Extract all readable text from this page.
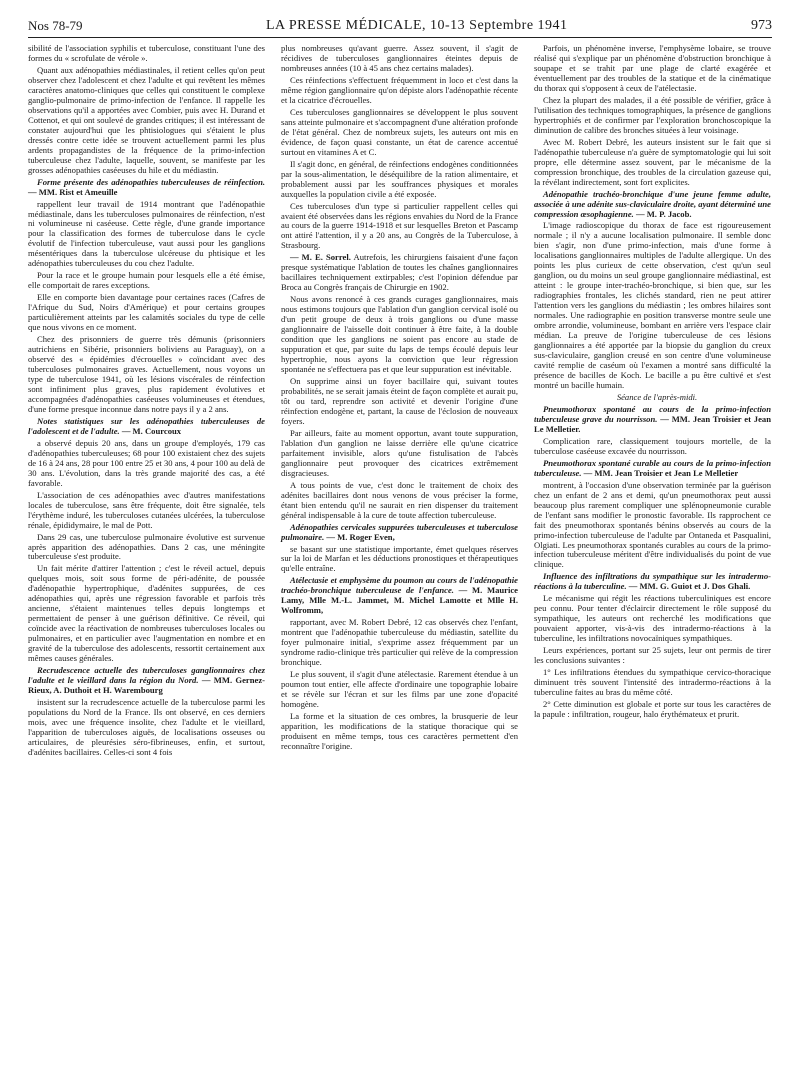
Nos 78-79	LA PRESSE MÉDICALE, 10-13 Septembre 1941	973

sibilité de l'association syphilis et tuberculose, constituant l'une des formes du « scrofulate de vérole ».

Quant aux adénopathies médiastinales, il retient celles qu'on peut observer chez l'adolescent et chez l'adulte et qui revêtent les mêmes caractères anatomo-cliniques que celles qui constituent le complexe ganglio-pulmonaire de primo-infection de l'enfance. Il rappelle les observations qu'il a apportées avec Combier, puis avec H. Durand et Cottenot, et qui ont soulevé de grandes critiques; il est intéressant de constater aujourd'hui que les phtisiologues qui s'étaient le plus dressés contre cette idée se trouvent actuellement parmi les plus ardents propagandistes de la fréquence de la primo-infection tuberculeuse chez l'adulte, laquelle, souvent, se manifeste par les grosses adénopathies caséeuses du hile et du médiastin.

Forme présente des adénopathies tuberculeuses de réinfection. — MM. Rist et Ameuille

rappellent leur travail de 1914 montrant que l'adénopathie médiastinale, dans les tuberculoses pulmonaires de réinfection, n'est ni volumineuse ni caséeuse. Cette règle, d'une grande importance pour la classification des formes de tuberculose dans le cycle évolutif de l'infection tuberculeuse, vaut aussi pour les ganglions mésentériques dans la tuberculose ulcéreuse du phtisique et les adénopathies tuberculeuses du cou chez l'adulte.

Pour la race et le groupe humain pour lesquels elle a été émise, elle comportait de rares exceptions.

Elle en comporte bien davantage pour certaines races (Cafres de l'Afrique du Sud, Noirs d'Amérique) et pour certains groupes particulièrement atteints par les calamités sociales du type de celle que nous vivons en ce moment.

Chez des prisonniers de guerre très démunis (prisonniers autrichiens en Sibérie, prisonniers boliviens au Paraguay), on a observé des « épidémies d'écrouelles » coïncidant avec des tuberculoses pulmonaires graves. Actuellement, nous voyons un type de tuberculose 1941, où les lésions viscérales de réinfection sont infiniment plus graves, plus rapidement évolutives et accompagnées d'adénopathies caséeuses volumineuses et étendues, d'une forme presque inconnue dans notre pays il y a 2 ans.

Notes statistiques sur les adénopathies tuberculeuses de l'adolescent et de l'adulte. — M. Courcoux

a observé depuis 20 ans, dans un groupe d'employés, 179 cas d'adénopathies tuberculeuses; 68 pour 100 existaient chez des sujets de 16 à 24 ans, 28 pour 100 entre 25 et 30 ans, 4 pour 100 au delà de 30 ans. L'évolution, dans la très grande majorité des cas, a été favorable.

L'association de ces adénopathies avec d'autres manifestations locales de tuberculose, sans être fréquente, doit être signalée, tels l'érythème induré, les tuberculoses cutanées ulcérées, la tuberculose rénale, épididymaire, le mal de Pott.

Dans 29 cas, une tuberculose pulmonaire évolutive est survenue après apparition des adénopathies. Dans 2 cas, une méningite tuberculeuse s'est produite.

Un fait mérite d'attirer l'attention ; c'est le réveil actuel, depuis quelques mois, soit sous forme de péri-adénite, de poussée d'adénopathie hypertrophique, d'adénites suppurées, de ces adénopathies qui, après une régression favorable et parfois très ancienne, s'étaient maintenues telles depuis longtemps et permettaient de penser à une guérison définitive. Ce réveil, qui coïncide avec la réactivation de nombreuses tuberculoses locales ou pulmonaires, et en particulier avec l'augmentation en nombre et en gravité de la tuberculose des adolescents, ressortit certainement aux mêmes causes générales.

Recrudescence actuelle des tuberculoses ganglionnaires chez l'adulte et le vieillard dans la région du Nord. — MM. Gernez-Rieux, A. Duthoit et H. Warembourg

insistent sur la recrudescence actuelle de la tuberculose parmi les populations du Nord de la France. Ils ont observé, en ces derniers mois, avec une fréquence insolite, chez l'adulte et le vieillard, l'apparition de tuberculoses aiguës, de localisations osseuses ou articulaires, de pleurésies séro-fibrineuses, enfin, et surtout, d'adénites bacillaires. Celles-ci sont 4 fois

plus nombreuses qu'avant guerre. Assez souvent, il s'agit de récidives de tuberculoses ganglionnaires éteintes depuis de nombreuses années (10 à 45 ans chez certains malades).

Ces réinfections s'effectuent fréquemment in loco et c'est dans la même région ganglionnaire qu'on dépiste alors l'adénopathie récente et la cicatrice d'écrouelles.

Ces tuberculoses ganglionnaires se développent le plus souvent sans atteinte pulmonaire et s'accompagnent d'une altération profonde de l'état général. Chez de nombreux sujets, les auteurs ont mis en évidence, de façon quasi constante, un état de carence accentué surtout en vitamines A et C.

Il s'agit donc, en général, de réinfections endogènes conditionnées par la sous-alimentation, le déséquilibre de la ration alimentaire, et probablement aussi par les souffrances physiques et morales auxquelles la population civile a été exposée.

Ces tuberculoses d'un type si particulier rappellent celles qui avaient été observées dans les régions envahies du Nord de la France au cours de la guerre 1914-1918 et sur lesquelles Breton et Pascamp ont attiré l'attention, il y a 20 ans, au Congrès de la Tuberculose, à Strasbourg.

— M. E. Sorrel. Autrefois, les chirurgiens faisaient d'une façon presque systématique l'ablation de toutes les chaînes ganglionnaires bacillaires techniquement extirpables; c'est l'opinion défendue par Broca au Congrès français de Chirurgie en 1902.

Nous avons renoncé à ces grands curages ganglionnaires, mais nous estimons toujours que l'ablation d'un ganglion cervical isolé ou d'un petit groupe de deux à trois ganglions ou d'une masse ganglionnaire de l'aisselle doit continuer à être faite, à la double condition que les ganglions ne soient pas encore au stade de suppuration et que, par suite du laps de temps écoulé depuis leur hypertrophie, nous ayons la conviction que leur régression spontanée ne s'effectuera pas et que leur suppuration est inévitable.

On supprime ainsi un foyer bacillaire qui, suivant toutes probabilités, ne se serait jamais éteint de façon complète et aurait pu, tôt ou tard, reprendre son activité et devenir l'origine d'une réinfection endogène et, partant, la cause de l'éclosion de nouveaux foyers.

Par ailleurs, faite au moment opportun, avant toute suppuration, l'ablation d'un ganglion ne laisse derrière elle qu'une cicatrice parfaitement invisible, alors qu'une fistulisation de l'abcès ganglionnaire peut provoquer des cicatrices extrêmement disgracieuses.

A tous points de vue, c'est donc le traitement de choix des adénites bacillaires dont nous venons de vous préciser la forme, étant bien entendu qu'il ne saurait en rien dispenser du traitement général indispensable à la cure de toute affection tuberculeuse.

Adénopathies cervicales suppurées tuberculeuses et tuberculose pulmonaire. — M. Roger Even,

se basant sur une statistique importante, émet quelques réserves sur la loi de Marfan et les déductions pronostiques et thérapeutiques qu'elle entraîne.

Atélectasie et emphysème du poumon au cours de l'adénopathie trachéo-bronchique tuberculeuse de l'enfance. — M. Maurice Lamy, Mlle M.-L. Jammet, M. Michel Lamotte et Mlle H. Wolfromm,

rapportant, avec M. Robert Debré, 12 cas observés chez l'enfant, montrent que l'adénopathie tuberculeuse du médiastin, satellite du foyer pulmonaire initial, s'exprime assez fréquemment par un syndrome radio-clinique très particulier qui relève de la compression bronchique.

Le plus souvent, il s'agit d'une atélectasie. Rarement étendue à un poumon tout entier, elle affecte d'ordinaire une topographie lobaire et se révèle sur l'écran et sur les films par une zone d'opacité homogène.

La forme et la situation de ces ombres, la brusquerie de leur apparition, les modifications de la statique thoracique qui se produisent en même temps, tous ces caractères permettent d'en reconnaître l'origine.

Parfois, un phénomène inverse, l'emphysème lobaire, se trouve réalisé qui s'explique par un phénomène d'obstruction bronchique à soupape et se trahit par une plage de clarté exagérée et éventuellement par des troubles de la statique et de la cinématique du thorax qui s'opposent à ceux de l'atélectasie.

Chez la plupart des malades, il a été possible de vérifier, grâce à l'utilisation des techniques tomographiques, la présence de ganglions hypertrophiés et de confirmer par l'exploration bronchoscopique la diminution de calibre des bronches situées à leur voisinage.

Avec M. Robert Debré, les auteurs insistent sur le fait que si l'adénopathie tuberculeuse n'a guère de symptomatologie qui lui soit propre, elle détermine assez souvent, par le mécanisme de la compression bronchique, des troubles de la circulation gazeuse qui, la révélant indirectement, sont fort explicites.

Adénopathie trachéo-bronchique d'une jeune femme adulte, associée à une adénite sus-claviculaire droite, ayant déterminé une compression œsophagienne. — M. P. Jacob.

L'image radioscopique du thorax de face est rigoureusement normale ; il n'y a aucune localisation pulmonaire. Il semble donc bien s'agir, non d'une primo-infection, mais d'une forme à localisations ganglionnaires multiples de l'adulte allergique. Un des points les plus curieux de cette observation, c'est qu'un seul ganglion, ou du moins un seul groupe ganglionnaire médiastinal, est atteint : le groupe inter-trachéo-bronchique, si bien que, sur les radiographies frontales, les clichés standard, rien ne peut attirer l'attention vers les ganglions du médiastin ; les ombres hilaires sont normales. Une radiographie en position transverse montre seule une ombre arrondie, volumineuse, bombant en arrière vers l'espace clair médian. La preuve de l'origine tuberculeuse de ces lésions ganglionnaires a été apportée par la biopsie du ganglion du creux sus-claviculaire, ganglion creusé en son centre d'une volumineuse cavité remplie de caséum où l'examen a montré sans difficulté la présence de bacilles de Koch. Le bacille a pu être cultivé et s'est montré un bacille humain.

Séance de l'après-midi.

Pneumothorax spontané au cours de la primo-infection tuberculeuse grave du nourrisson. — MM. Jean Troisier et Jean Le Melletier.

Complication rare, classiquement toujours mortelle, de la tuberculose caséeuse excavée du nourrisson.

Pneumothorax spontané curable au cours de la primo-infection tuberculeuse. — MM. Jean Troisier et Jean Le Melletier

montrent, à l'occasion d'une observation terminée par la guérison chez un enfant de 2 ans et demi, qu'un pneumothorax peut aussi beaucoup plus rarement compliquer une splénopneumonie curable de l'enfant sans modifier le pronostic favorable. Ils rapprochent ce fait des pneumothorax spontanés bénins observés au cours de la primo-infection tuberculeuse de l'adulte par Ontaneda et Pasqualini, Olgiati. Les pneumothorax spontanés curables au cours de la primo-infection tuberculeuse méritent d'être individualisés du point de vue clinique.

Influence des infiltrations du sympathique sur les intradermo-réactions à la tuberculine. — MM. G. Guiot et J. Dos Ghali.

Le mécanisme qui régit les réactions tuberculiniques est encore peu connu. Pour tenter d'éclaircir directement le rôle supposé du sympathique, les auteurs ont recherché les modifications que pouvaient apporter, vis-à-vis des intradermo-réactions à la tuberculine, les infiltrations novocaïniques sympathiques.

Leurs expériences, portant sur 25 sujets, leur ont permis de tirer les conclusions suivantes :

1° Les infiltrations étendues du sympathique cervico-thoracique diminuent très souvent l'intensité des intradermo-réactions à la tuberculine faites au bras du même côté.

2° Cette diminution est globale et porte sur tous les caractères de la papule : infiltration, rougeur, halo érythémateux et prurit.
